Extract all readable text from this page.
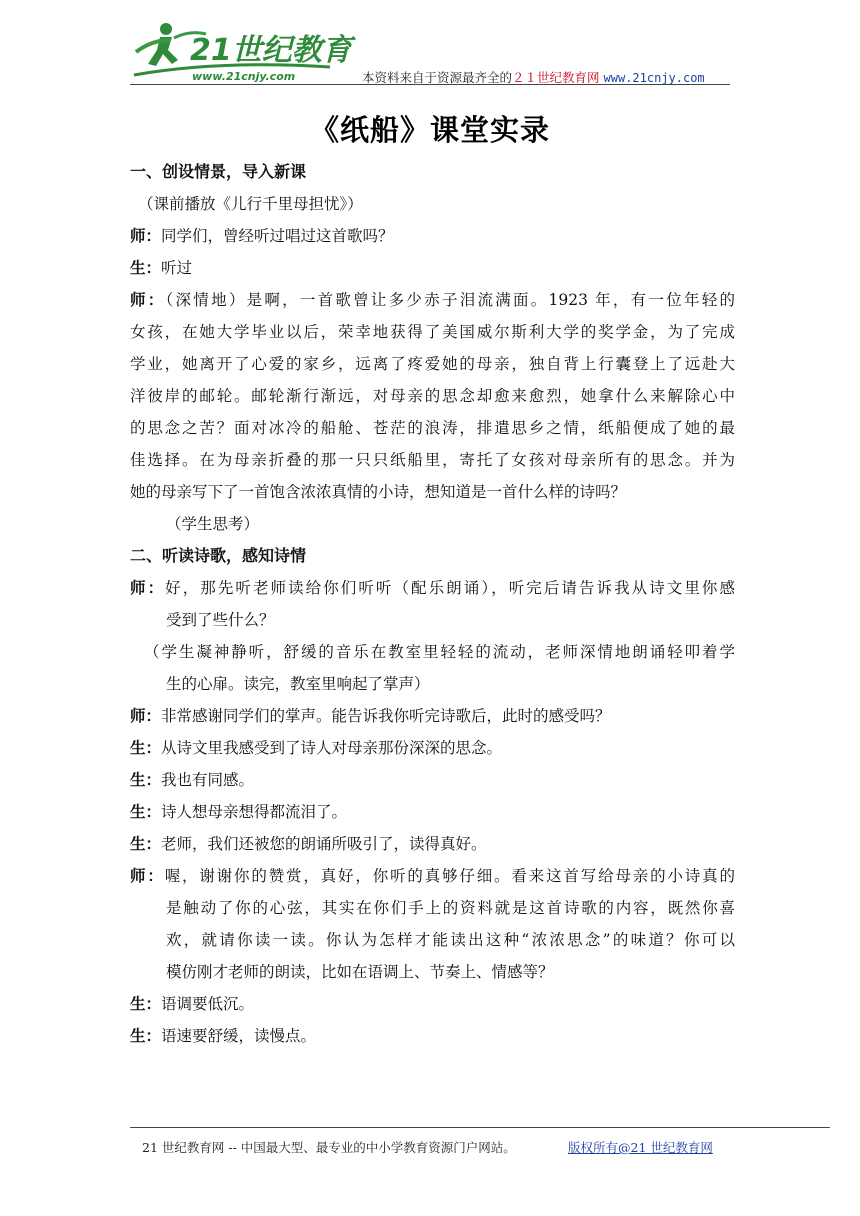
21世纪教育
www.21cnjy.com	本资料来自于资源最齐全的２１世纪教育网 www.21cnjy.com
《纸船》课堂实录
一、创设情景，导入新课
（课前播放《儿行千里母担忧》）
师：同学们，曾经听过唱过这首歌吗？
生：听过
师：（深情地）是啊，一首歌曾让多少赤子泪流满面。1923 年，有一位年轻的
女孩，在她大学毕业以后，荣幸地获得了美国威尔斯利大学的奖学金，为了完成
学业，她离开了心爱的家乡，远离了疼爱她的母亲，独自背上行囊登上了远赴大
洋彼岸的邮轮。邮轮渐行渐远，对母亲的思念却愈来愈烈，她拿什么来解除心中
的思念之苦？面对冰冷的船舱、苍茫的浪涛，排遣思乡之情，纸船便成了她的最
佳选择。在为母亲折叠的那一只只纸船里，寄托了女孩对母亲所有的思念。并为
她的母亲写下了一首饱含浓浓真情的小诗，想知道是一首什么样的诗吗？
（学生思考）
二、听读诗歌，感知诗情
师：好，那先听老师读给你们听听（配乐朗诵），听完后请告诉我从诗文里你感
受到了些什么？
（学生凝神静听，舒缓的音乐在教室里轻轻的流动，老师深情地朗诵轻叩着学
生的心扉。读完，教室里响起了掌声）
师：非常感谢同学们的掌声。能告诉我你听完诗歌后，此时的感受吗？
生：从诗文里我感受到了诗人对母亲那份深深的思念。
生：我也有同感。
生：诗人想母亲想得都流泪了。
生：老师，我们还被您的朗诵所吸引了，读得真好。
师：喔，谢谢你的赞赏，真好，你听的真够仔细。看来这首写给母亲的小诗真的
是触动了你的心弦，其实在你们手上的资料就是这首诗歌的内容，既然你喜
欢，就请你读一读。你认为怎样才能读出这种“浓浓思念”的味道？你可以
模仿刚才老师的朗读，比如在语调上、节奏上、情感等？
生：语调要低沉。
生：语速要舒缓，读慢点。
21 世纪教育网 -- 中国最大型、最专业的中小学教育资源门户网站。	版权所有@21 世纪教育网
